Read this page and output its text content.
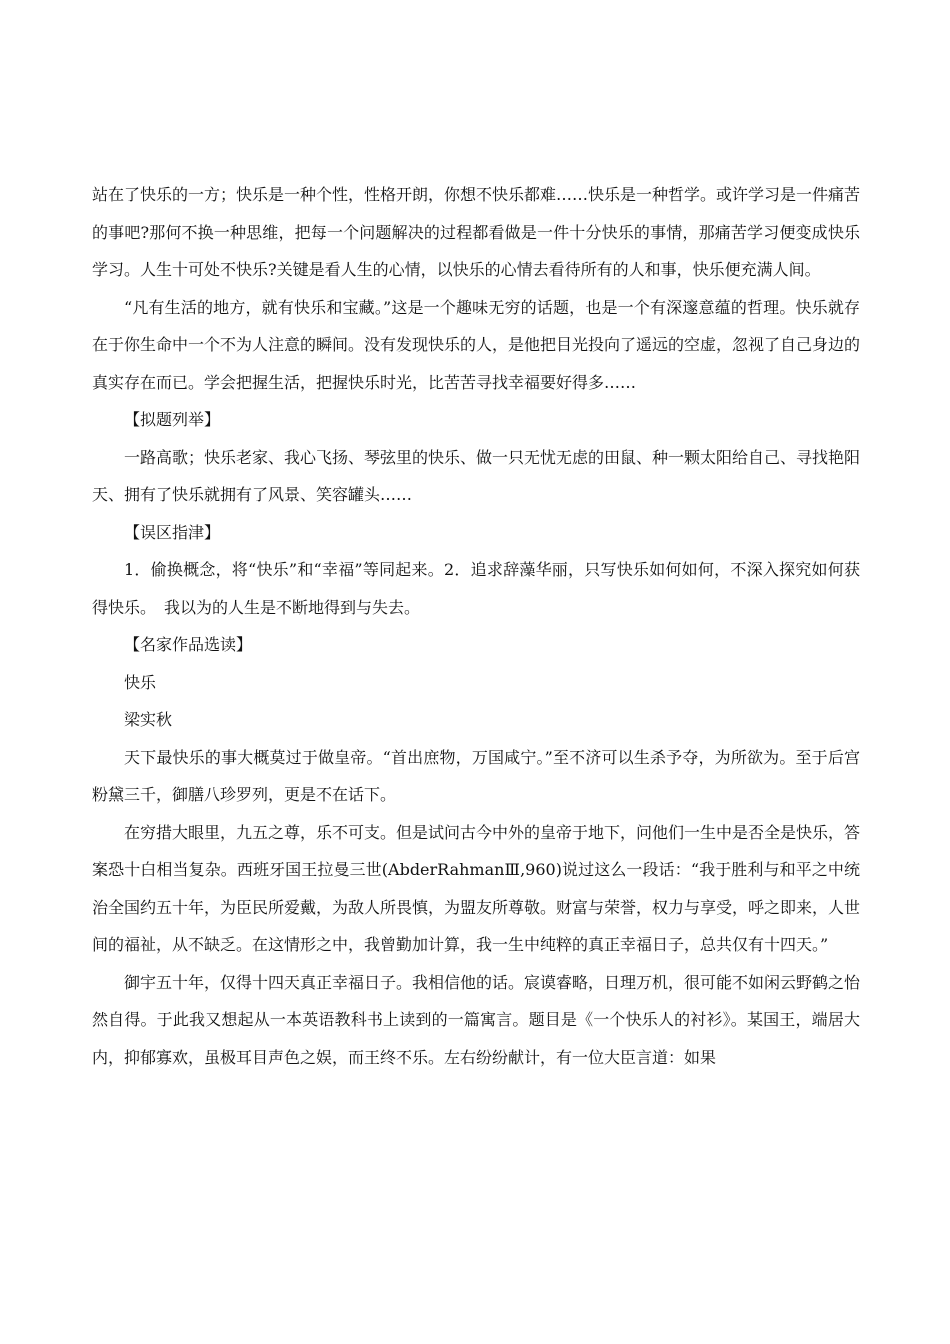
站在了快乐的一方；快乐是一种个性，性格开朗，你想不快乐都难……快乐是一种哲学。或许学习是一件痛苦的事吧?那何不换一种思维，把每一个问题解决的过程都看做是一件十分快乐的事情，那痛苦学习便变成快乐学习。人生十可处不快乐?关键是看人生的心情，以快乐的心情去看待所有的人和事，快乐便充满人间。

“凡有生活的地方，就有快乐和宝藏。”这是一个趣味无穷的话题，也是一个有深邃意蕴的哲理。快乐就存在于你生命中一个不为人注意的瞬间。没有发现快乐的人，是他把目光投向了遥远的空虚，忽视了自己身边的真实存在而已。学会把握生活，把握快乐时光，比苦苦寻找幸福要好得多……

【拟题列举】

一路高歌；快乐老家、我心飞扬、琴弦里的快乐、做一只无忧无虑的田鼠、种一颗太阳给自己、寻找艳阳天、拥有了快乐就拥有了风景、笑容罐头……

【误区指津】

1．偷换概念，将“快乐”和“幸福”等同起来。2．追求辞藻华丽，只写快乐如何如何，不深入探究如何获得快乐。　我以为的人生是不断地得到与失去。

【名家作品选读】

快乐

梁实秋

天下最快乐的事大概莫过于做皇帝。“首出庶物，万国咸宁。”至不济可以生杀予夺，为所欲为。至于后宫粉黛三千，御膳八珍罗列，更是不在话下。

在穷措大眼里，九五之尊，乐不可支。但是试问古今中外的皇帝于地下，问他们一生中是否全是快乐，答案恐十白相当复杂。西班牙国王拉曼三世(AbderRahmanⅢ,960)说过这么一段话：“我于胜利与和平之中统治全国约五十年，为臣民所爱戴，为敌人所畏慎，为盟友所尊敬。财富与荣誉，权力与享受，呼之即来，人世间的福祉，从不缺乏。在这情形之中，我曾勤加计算，我一生中纯粹的真正幸福日子，总共仅有十四天。”

御宇五十年，仅得十四天真正幸福日子。我相信他的话。宸谟睿略，日理万机，很可能不如闲云野鹤之怡然自得。于此我又想起从一本英语教科书上读到的一篇寓言。题目是《一个快乐人的衬衫》。某国王，端居大内，抑郁寡欢，虽极耳目声色之娱，而王终不乐。左右纷纷献计，有一位大臣言道：如果
